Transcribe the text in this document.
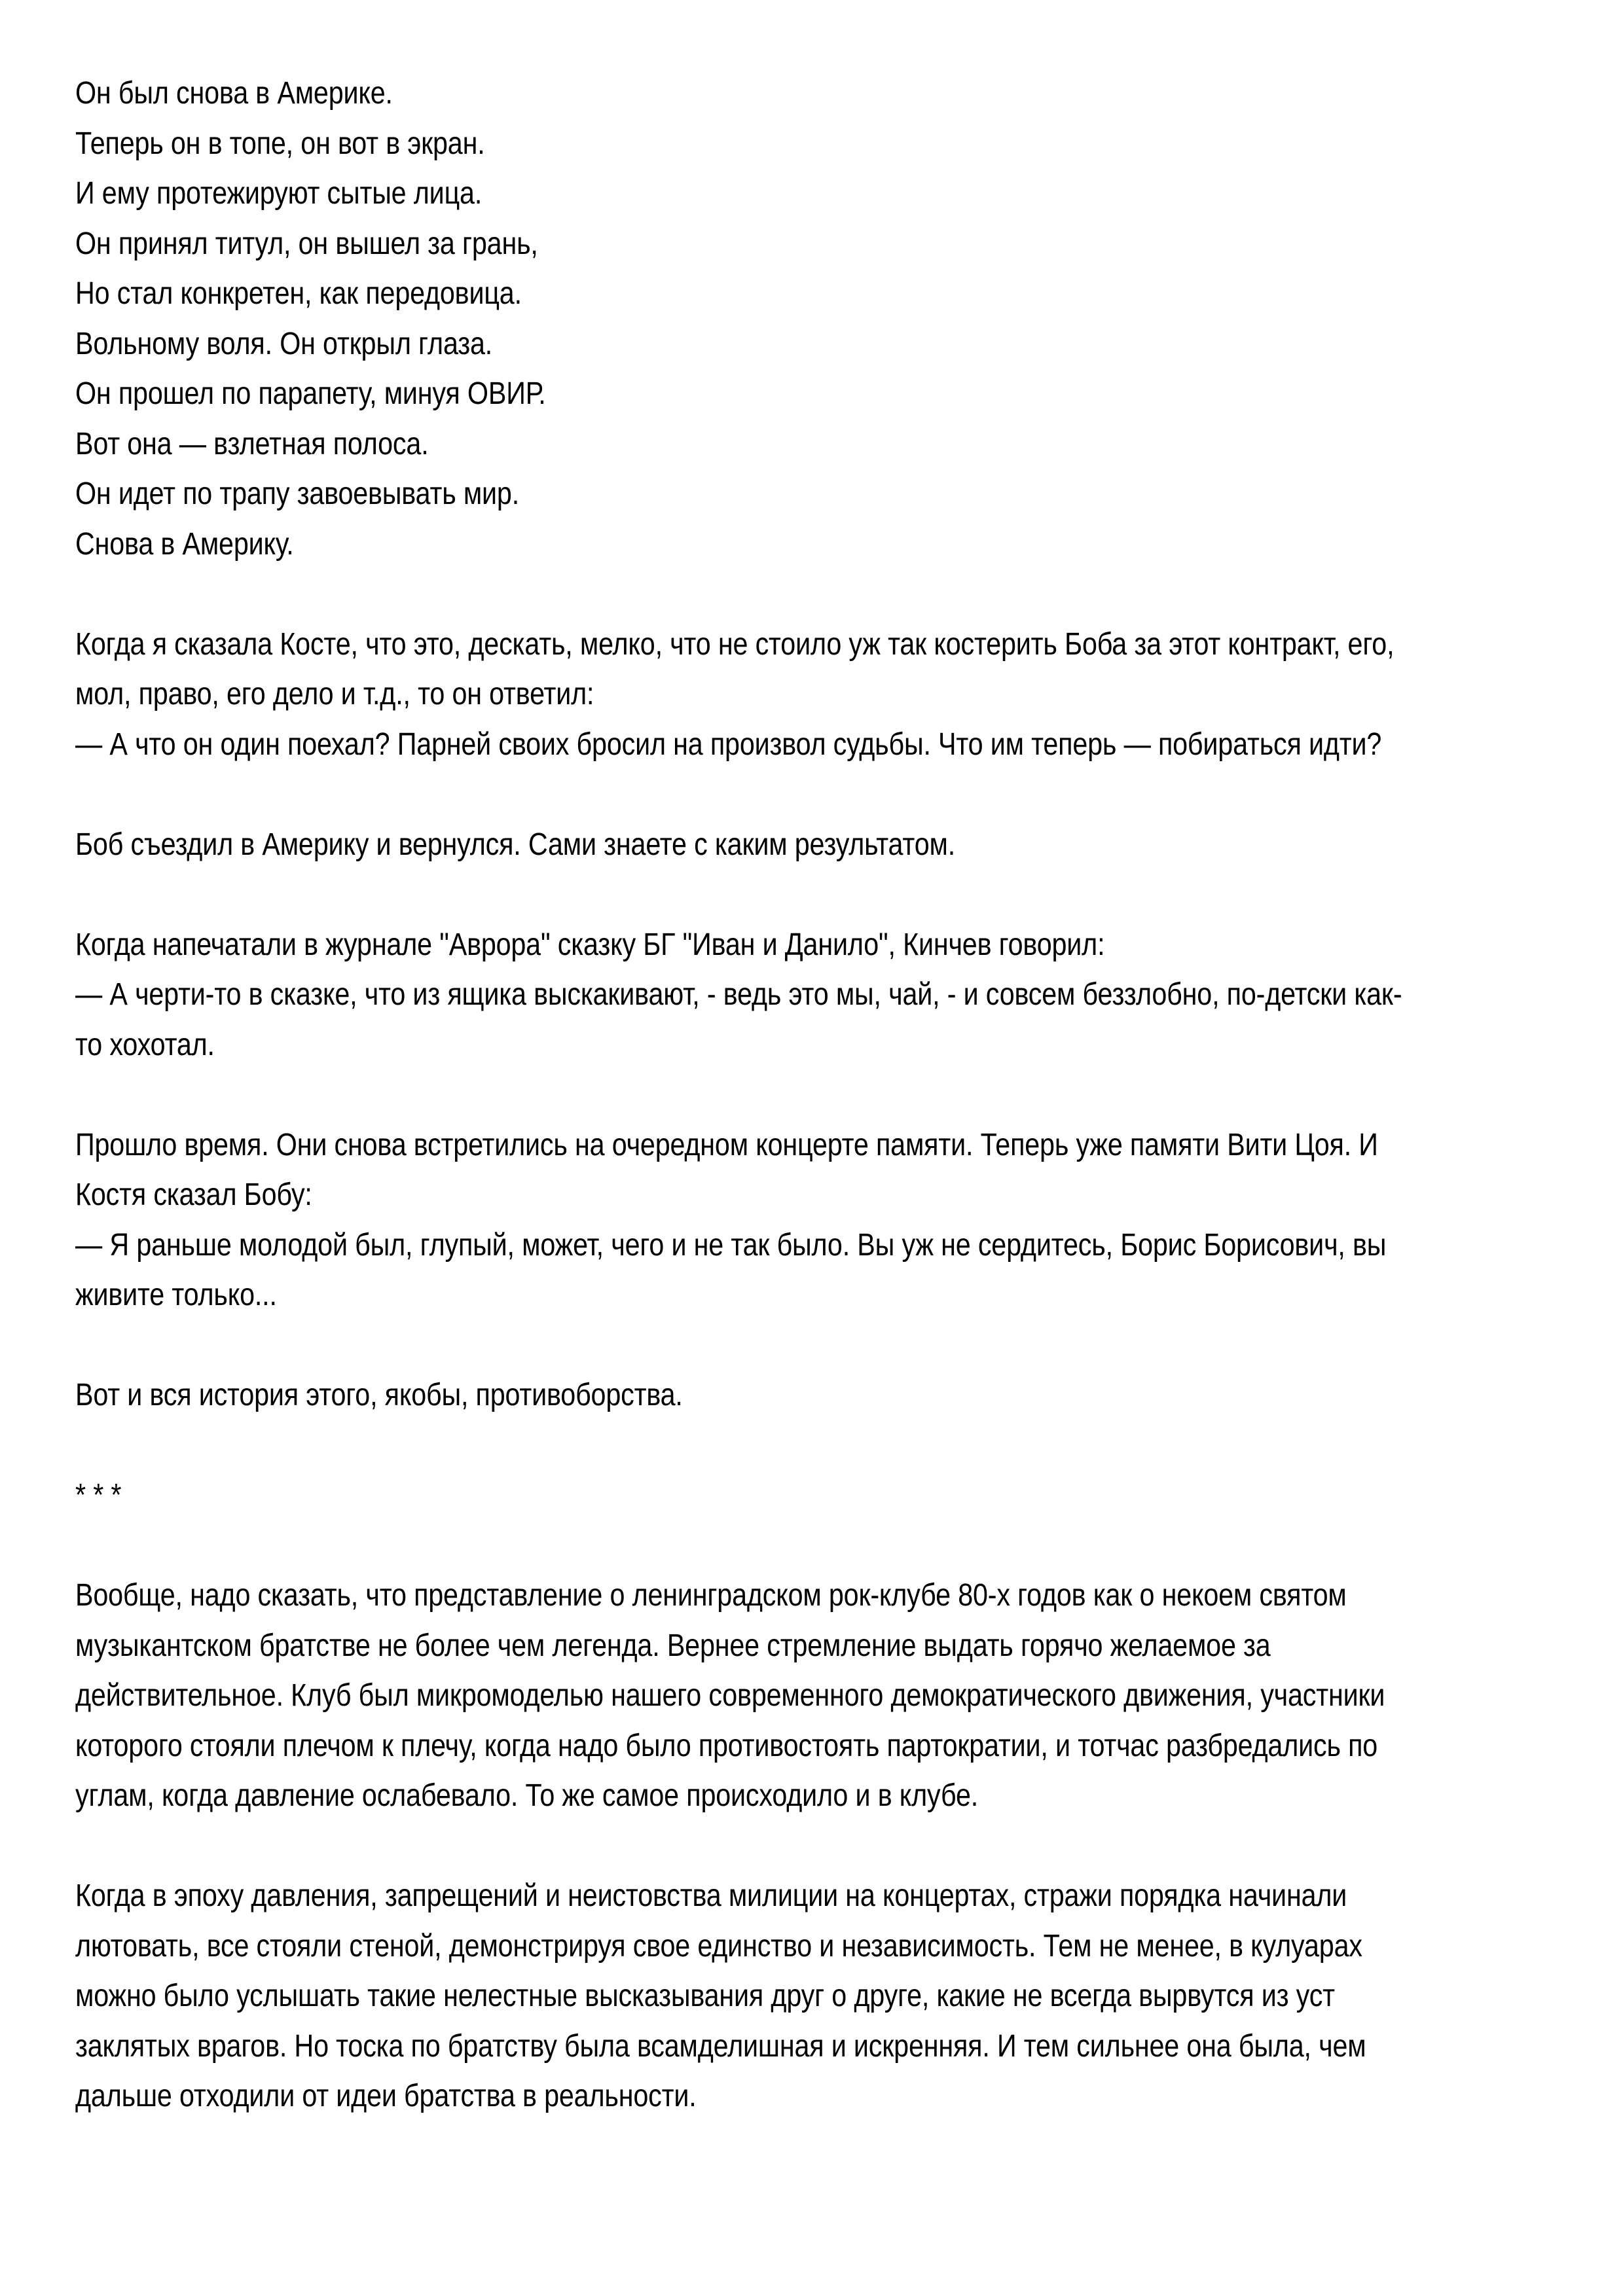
Он был снова в Америке.
Теперь он в топе, он вот в экран.
И ему протежируют сытые лица.
Он принял титул, он вышел за грань,
Но стал конкретен, как передовица.
Вольному воля. Он открыл глаза.
Он прошел по парапету, минуя ОВИР.
Вот она — взлетная полоса.
Он идет по трапу завоевывать мир.
Снова в Америку.
Когда я сказала Косте, что это, дескать, мелко, что не стоило уж так костерить Боба за этот контракт, его,
мол, право, его дело и т.д., то он ответил:
— А что он один поехал? Парней своих бросил на произвол судьбы. Что им теперь — побираться идти?
Боб съездил в Америку и вернулся. Сами знаете с каким результатом.
Когда напечатали в журнале "Аврора" сказку БГ "Иван и Данило", Кинчев говорил:
— А черти-то в сказке, что из ящика выскакивают, - ведь это мы, чай, - и совсем беззлобно, по-детски как-
то хохотал.
Прошло время. Они снова встретились на очередном концерте памяти. Теперь уже памяти Вити Цоя. И
Костя сказал Бобу:
— Я раньше молодой был, глупый, может, чего и не так было. Вы уж не сердитесь, Борис Борисович, вы
живите только...
Вот и вся история этого, якобы, противоборства.
* * *
Вообще, надо сказать, что представление о ленинградском рок-клубе 80-х годов как о некоем святом
музыкантском братстве не более чем легенда. Вернее стремление выдать горячо желаемое за
действительное. Клуб был микромоделью нашего современного демократического движения, участники
которого стояли плечом к плечу, когда надо было противостоять партократии, и тотчас разбредались по
углам, когда давление ослабевало. То же самое происходило и в клубе.
Когда в эпоху давления, запрещений и неистовства милиции на концертах, стражи порядка начинали
лютовать, все стояли стеной, демонстрируя свое единство и независимость. Тем не менее, в кулуарах
можно было услышать такие нелестные высказывания друг о друге, какие не всегда вырвутся из уст
заклятых врагов. Но тоска по братству была всамделишная и искренняя. И тем сильнее она была, чем
дальше отходили от идеи братства в реальности.
